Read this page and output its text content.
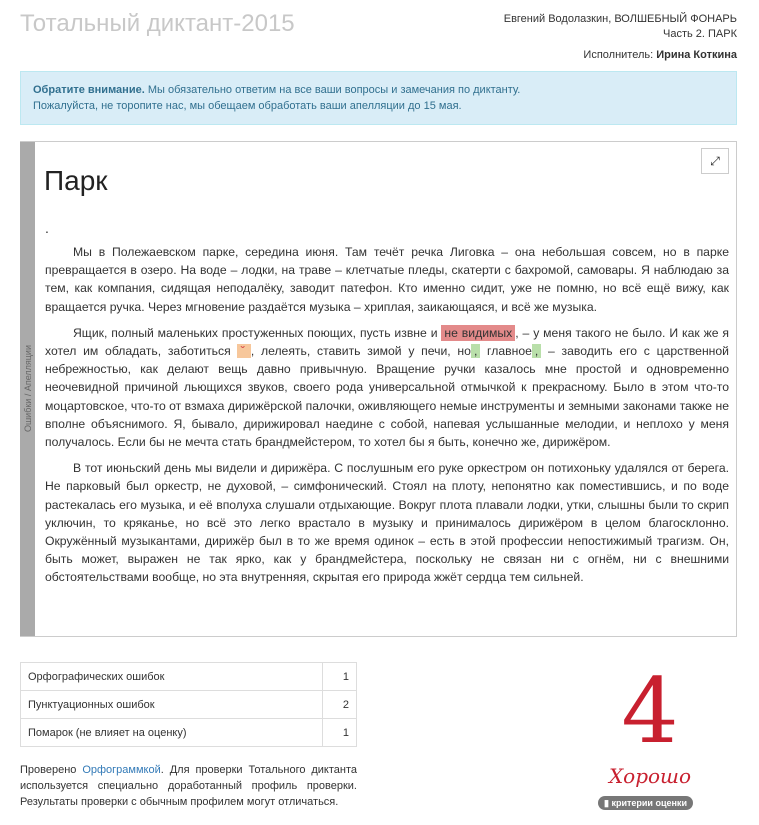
Тотальный диктант-2015	Евгений Водолазкин, ВОЛШЕБНЫЙ ФОНАРЬ
Часть 2. ПАРК
Исполнитель: Ирина Коткина
Обратите внимание. Мы обязательно ответим на все ваши вопросы и замечания по диктанту.
Пожалуйста, не торопите нас, мы обещаем обработать ваши апелляции до 15 мая.
Ошибки / Апелляции
⤢
Парк
.

Мы в Полежаевском парке, середина июня. Там течёт речка Лиговка – она небольшая совсем, но в парке превращается в озеро. На воде – лодки, на траве – клетчатые пледы, скатерти с бахромой, самовары. Я наблюдаю за тем, как компания, сидящая неподалёку, заводит патефон. Кто именно сидит, уже не помню, но всё ещё вижу, как вращается ручка. Через мгновение раздаётся музыка – хриплая, заикающаяся, и всё же музыка.

Ящик, полный маленьких простуженных поющих, пусть извне и не видимых , – у меня такого не было. И как же я хотел им обладать, заботиться ˇ , лелеять, ставить зимой у печи, но , главное , – заводить его с царственной небрежностью, как делают вещь давно привычную. Вращение ручки казалось мне простой и одновременно неочевидной причиной льющихся звуков, своего рода универсальной отмычкой к прекрасному. Было в этом что-то моцартовское, что-то от взмаха дирижёрской палочки, оживляющего немые инструменты и земными законами также не вполне объяснимого. Я, бывало, дирижировал наедине с собой, напевая услышанные мелодии, и неплохо у меня получалось. Если бы не мечта стать брандмейстером, то хотел бы я быть, конечно же, дирижёром.

В тот июньский день мы видели и дирижёра. С послушным его руке оркестром он потихоньку удалялся от берега. Не парковый был оркестр, не духовой, – симфонический. Стоял на плоту, непонятно как поместившись, и по воде растекалась его музыка, и её вполуха слушали отдыхающие. Вокруг плота плавали лодки, утки, слышны были то скрип уключин, то кряканье, но всё это легко врастало в музыку и принималось дирижёром в целом благосклонно. Окружённый музыкантами, дирижёр был в то же время одинок – есть в этой профессии непостижимый трагизм. Он, быть может, выражен не так ярко, как у брандмейстера, поскольку не связан ни с огнём, ни с внешними обстоятельствами вообще, но эта внутренняя, скрытая его природа жжёт сердца тем сильней.

Орфографических ошибок	1
Пунктуационных ошибок	2
Помарок (не влияет на оценку)	1
Проверено Орфограммкой. Для проверки Тотального диктанта используется специально доработанный профиль проверки. Результаты проверки с обычным профилем могут отличаться.
4
Хорошо
▮ критерии оценки
